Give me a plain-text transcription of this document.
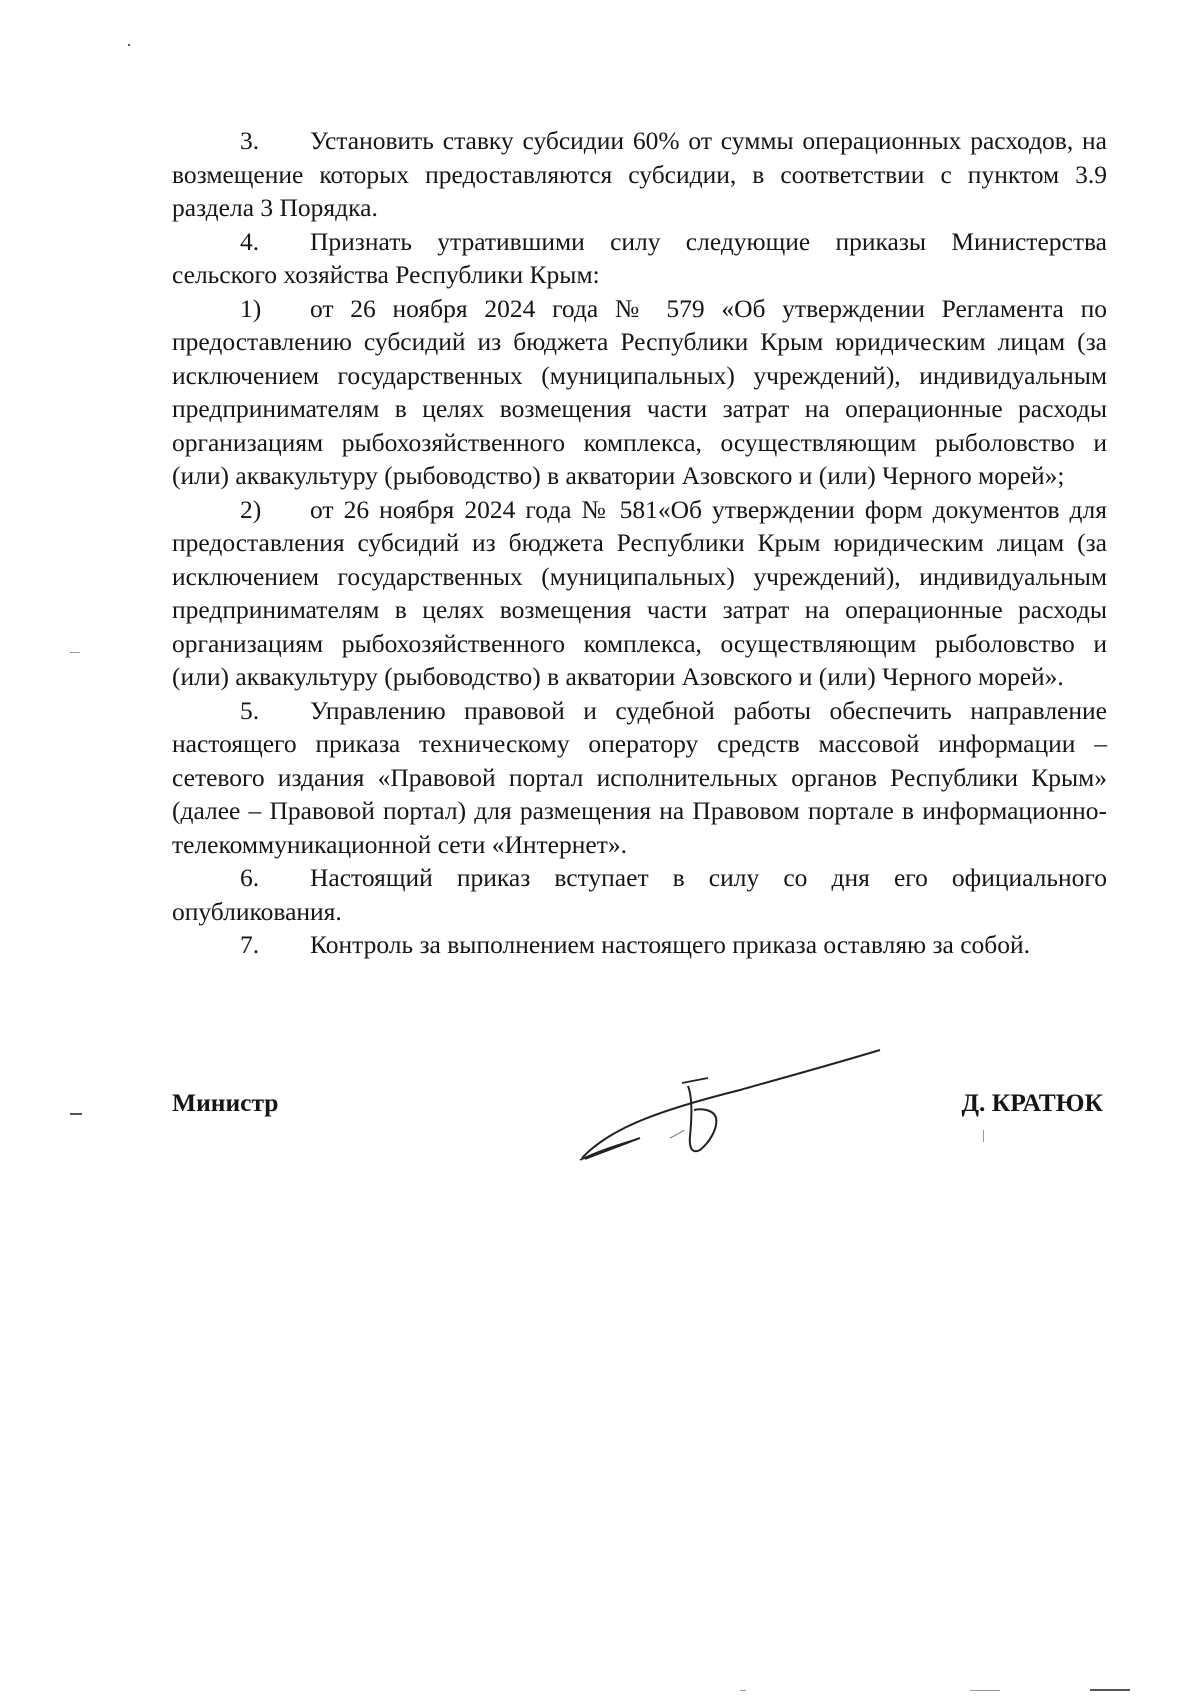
3. Установить ставку субсидии 60% от суммы операционных расходов, на возмещение которых предоставляются субсидии, в соответствии с пунктом 3.9 раздела 3 Порядка.

4. Признать утратившими силу следующие приказы Министерства сельского хозяйства Республики Крым:

1) от 26 ноября 2024 года № 579 «Об утверждении Регламента по предоставлению субсидий из бюджета Республики Крым юридическим лицам (за исключением государственных (муниципальных) учреждений), индивидуальным предпринимателям в целях возмещения части затрат на операционные расходы организациям рыбохозяйственного комплекса, осуществляющим рыболовство и (или) аквакультуру (рыбоводство) в акватории Азовского и (или) Черного морей»;

2) от 26 ноября 2024 года № 581«Об утверждении форм документов для предоставления субсидий из бюджета Республики Крым юридическим лицам (за исключением государственных (муниципальных) учреждений), индивидуальным предпринимателям в целях возмещения части затрат на операционные расходы организациям рыбохозяйственного комплекса, осуществляющим рыболовство и (или) аквакультуру (рыбоводство) в акватории Азовского и (или) Черного морей».

5. Управлению правовой и судебной работы обеспечить направление настоящего приказа техническому оператору средств массовой информации – сетевого издания «Правовой портал исполнительных органов Республики Крым» (далее – Правовой портал) для размещения на Правовом портале в информационно-телекоммуникационной сети «Интернет».

6. Настоящий приказ вступает в силу со дня его официального опубликования.

7. Контроль за выполнением настоящего приказа оставляю за собой.

Министр	Д. КРАТЮК
